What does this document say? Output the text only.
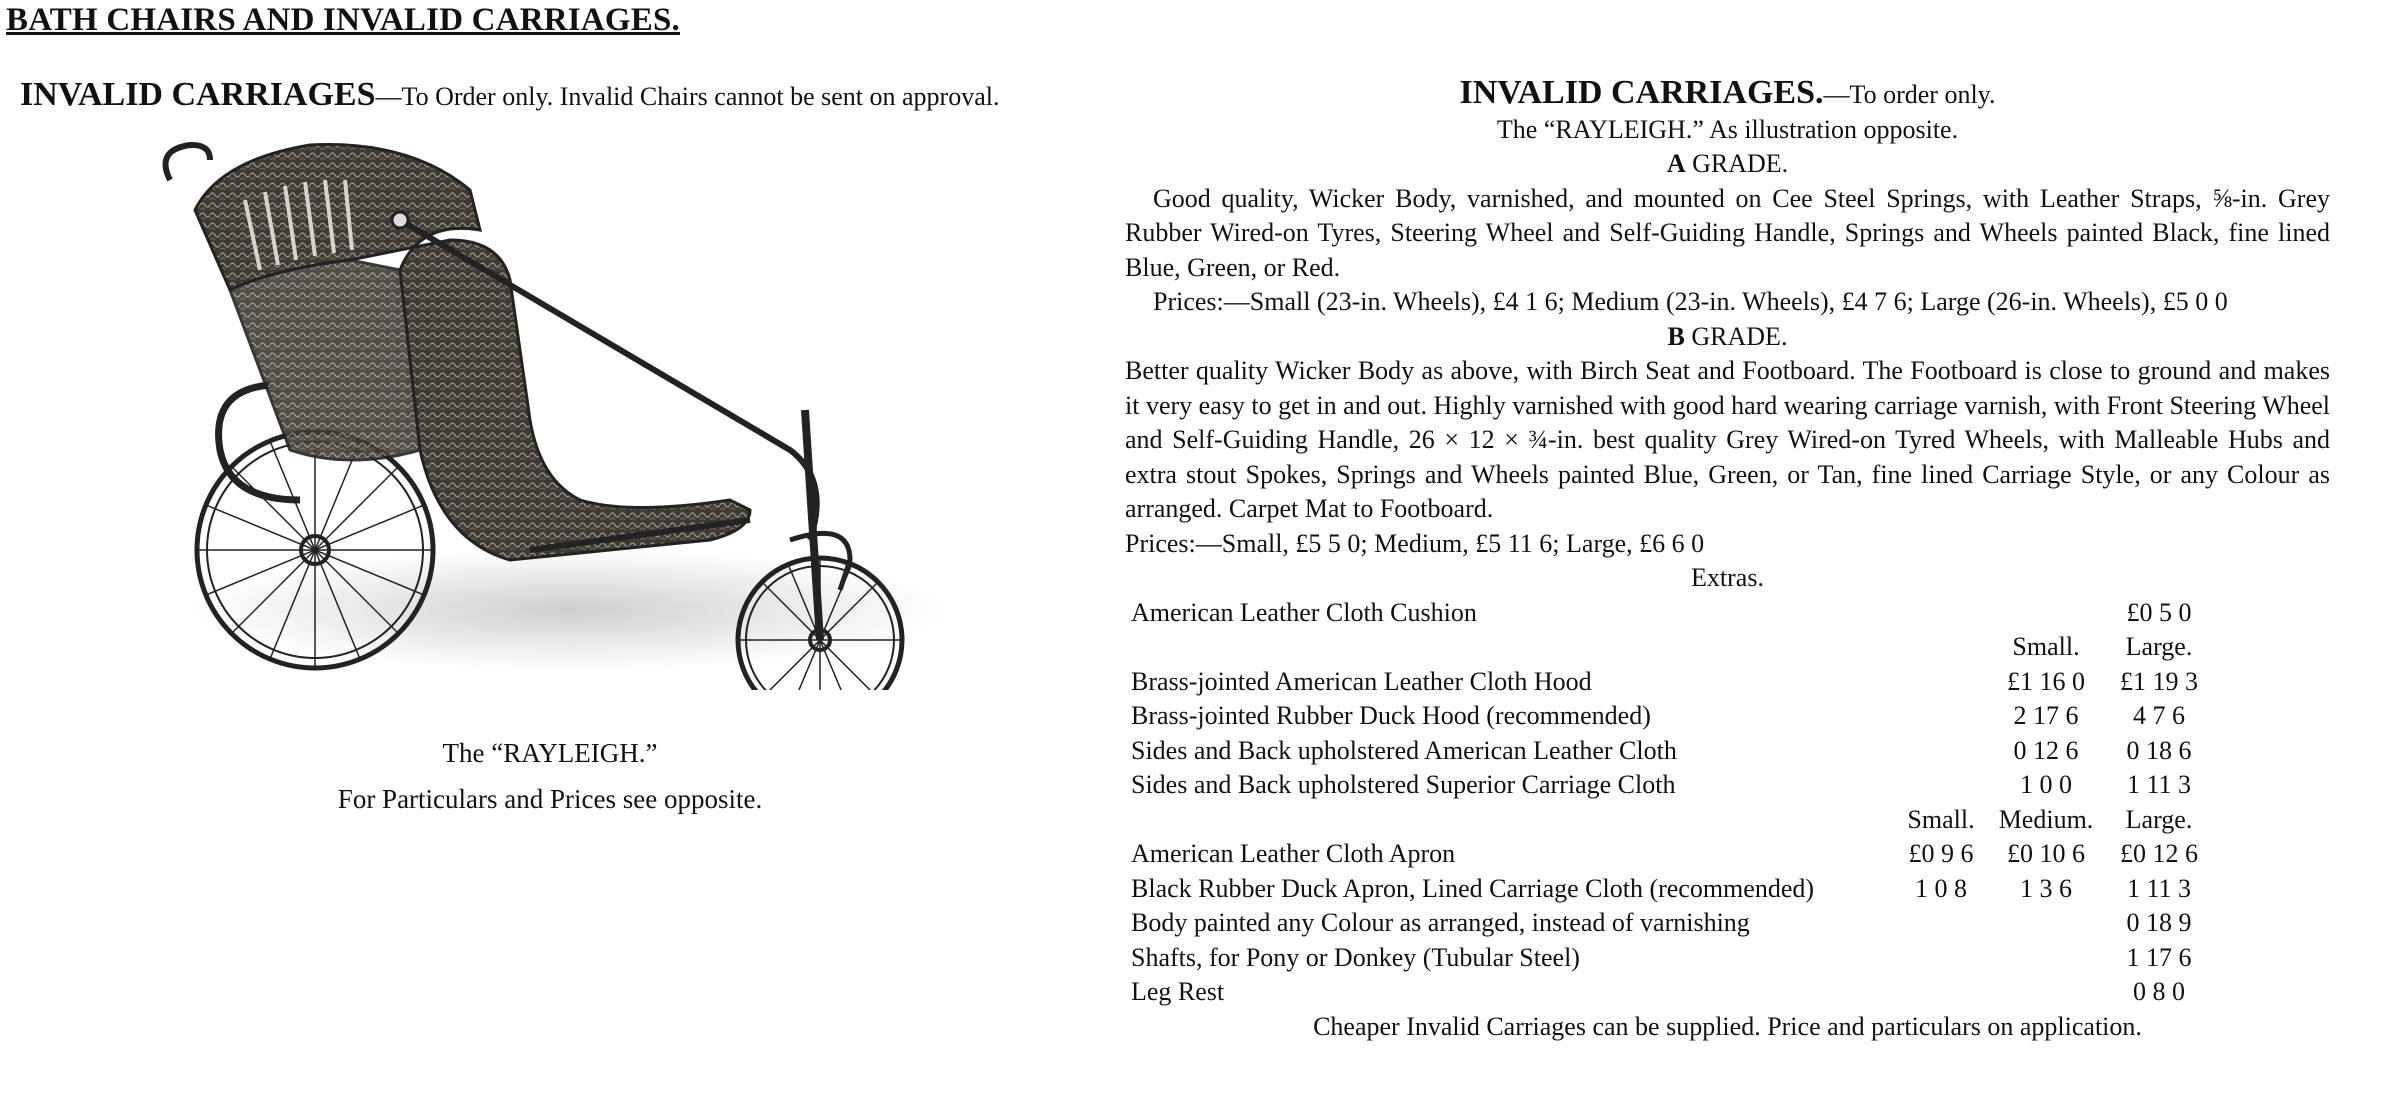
BATH CHAIRS AND INVALID CARRIAGES.
INVALID CARRIAGES—To Order only. Invalid Chairs cannot be sent on approval.
The “RAYLEIGH.”
For Particulars and Prices see opposite.
INVALID CARRIAGES.—To order only.
The “RAYLEIGH.” As illustration opposite.
A GRADE.

Good quality, Wicker Body, varnished, and mounted on Cee Steel Springs, with Leather Straps, ⅝-in. Grey Rubber Wired-on Tyres, Steering Wheel and Self-Guiding Handle, Springs and Wheels painted Black, fine lined Blue, Green, or Red.

Prices:—Small (23-in. Wheels), £4 1 6; Medium (23-in. Wheels), £4 7 6; Large (26-in. Wheels), £5 0 0

B GRADE.

Better quality Wicker Body as above, with Birch Seat and Footboard. The Footboard is close to ground and makes it very easy to get in and out. Highly varnished with good hard wearing carriage varnish, with Front Steering Wheel and Self-Guiding Handle, 26 × 12 × ¾-in. best quality Grey Wired-on Tyred Wheels, with Malleable Hubs and extra stout Spokes, Springs and Wheels painted Blue, Green, or Tan, fine lined Carriage Style, or any Colour as arranged. Carpet Mat to Footboard.

Prices:—Small, £5 5 0; Medium, £5 11 6; Large, £6 6 0

Extras.
American Leather Cloth Cushion			£0 5 0
		Small.	Large.
Brass-jointed American Leather Cloth Hood		£1 16 0	£1 19 3
Brass-jointed Rubber Duck Hood (recommended)		2 17 6	4 7 6
Sides and Back upholstered American Leather Cloth		0 12 6	0 18 6
Sides and Back upholstered Superior Carriage Cloth		1 0 0	1 11 3
	Small.	Medium.	Large.
American Leather Cloth Apron	£0 9 6	£0 10 6	£0 12 6
Black Rubber Duck Apron, Lined Carriage Cloth (recommended)	1 0 8	1 3 6	1 11 3
Body painted any Colour as arranged, instead of varnishing			0 18 9
Shafts, for Pony or Donkey (Tubular Steel)			1 17 6
Leg Rest			0 8 0
Cheaper Invalid Carriages can be supplied. Price and particulars on application.
